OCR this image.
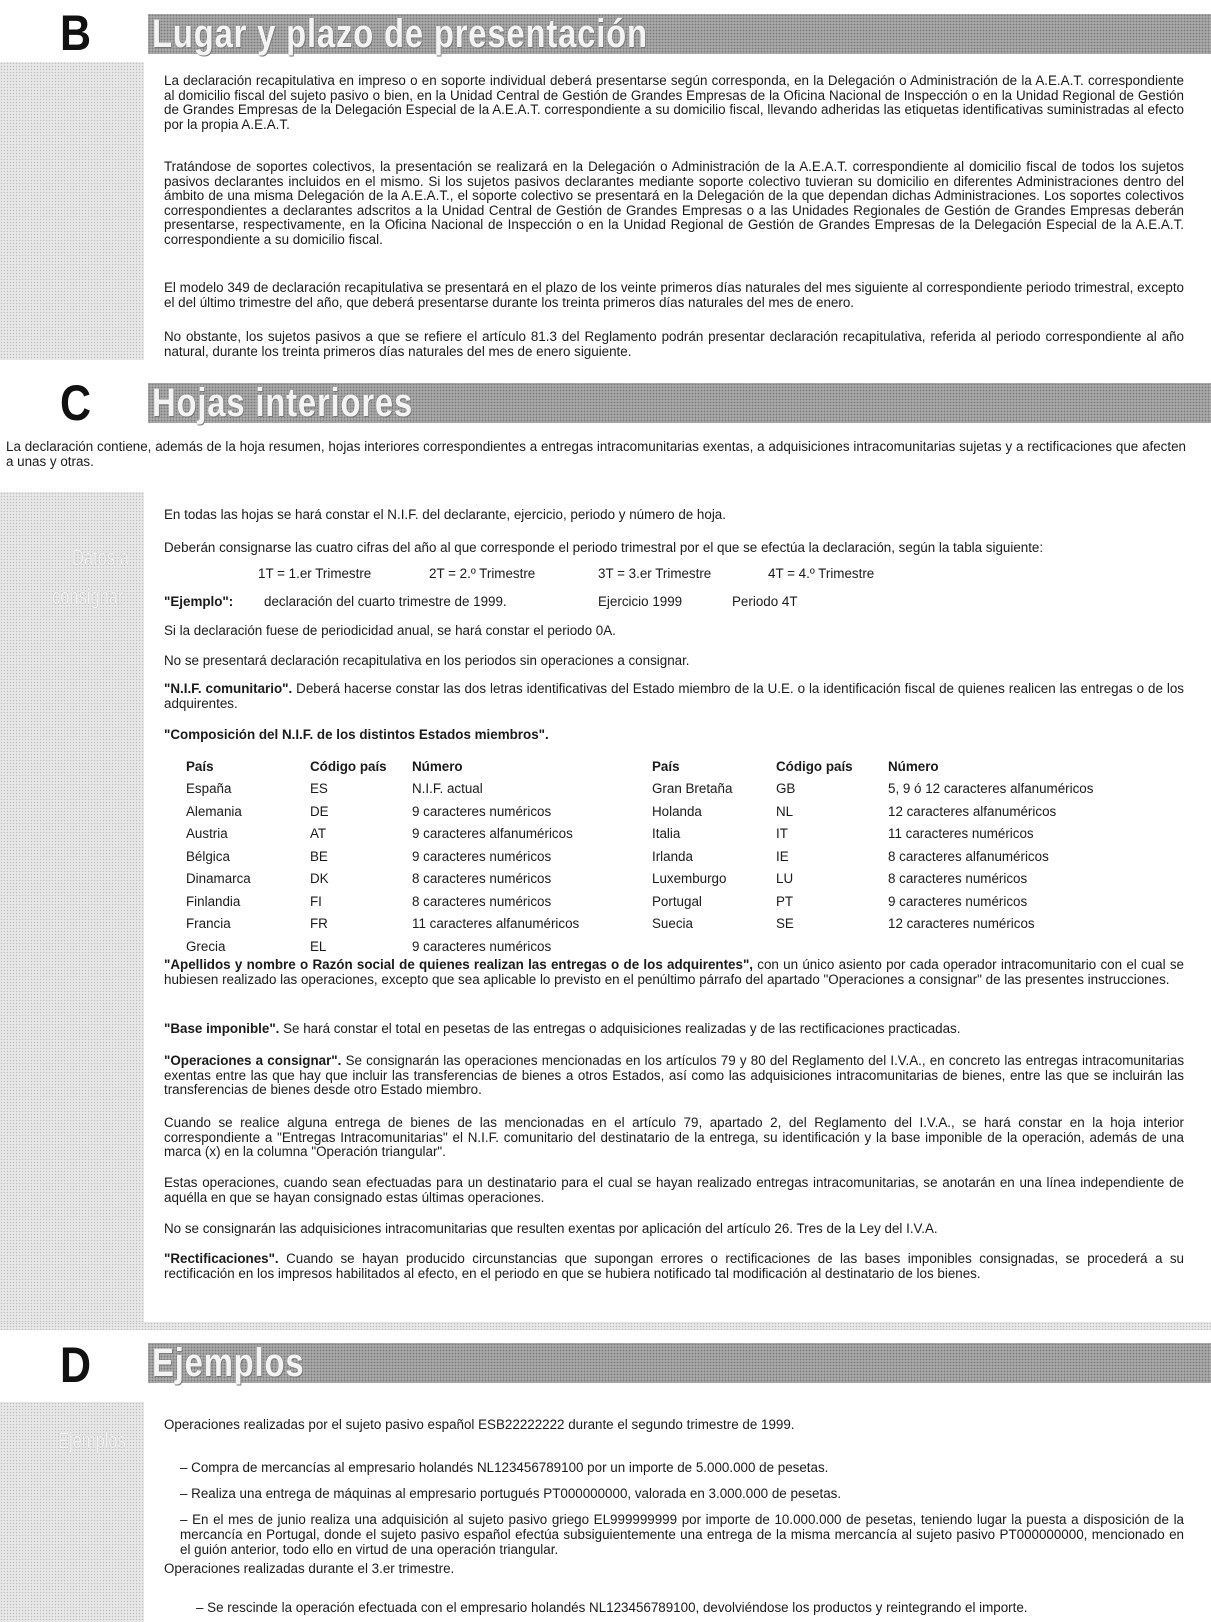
B	Lugar y plazo de presentación

La declaración recapitulativa en impreso o en soporte individual deberá presentarse según corresponda, en la Delegación o Administración de la A.E.A.T. correspondiente al domicilio fiscal del sujeto pasivo o bien, en la Unidad Central de Gestión de Grandes Empresas de la Oficina Nacional de Inspección o en la Unidad Regional de Gestión de Grandes Empresas de la Delegación Especial de la A.E.A.T. correspondiente a su domicilio fiscal, llevando adheridas las etiquetas identificativas suministradas al efecto por la propia A.E.A.T.

Tratándose de soportes colectivos, la presentación se realizará en la Delegación o Administración de la A.E.A.T. correspondiente al domicilio fiscal de todos los sujetos pasivos declarantes incluidos en el mismo. Si los sujetos pasivos declarantes mediante soporte colectivo tuvieran su domicilio en diferentes Administraciones dentro del ámbito de una misma Delegación de la A.E.A.T., el soporte colectivo se presentará en la Delegación de la que dependan dichas Administraciones. Los soportes colectivos correspondientes a declarantes adscritos a la Unidad Central de Gestión de Grandes Empresas o a las Unidades Regionales de Gestión de Grandes Empresas deberán presentarse, respectivamente, en la Oficina Nacional de Inspección o en la Unidad Regional de Gestión de Grandes Empresas de la Delegación Especial de la A.E.A.T. correspondiente a su domicilio fiscal.

El modelo 349 de declaración recapitulativa se presentará en el plazo de los veinte primeros días naturales del mes siguiente al correspondiente periodo trimestral, excepto el del último trimestre del año, que deberá presentarse durante los treinta primeros días naturales del mes de enero.

No obstante, los sujetos pasivos a que se refiere el artículo 81.3 del Reglamento podrán presentar declaración recapitulativa, referida al periodo correspondiente al año natural, durante los treinta primeros días naturales del mes de enero siguiente.

C	Hojas interiores

La declaración contiene, además de la hoja resumen, hojas interiores correspondientes a entregas intracomunitarias exentas, a adquisiciones intracomunitarias sujetas y a rectificaciones que afecten a unas y otras.

Datos a
consignar

En todas las hojas se hará constar el N.I.F. del declarante, ejercicio, periodo y número de hoja.

Deberán consignarse las cuatro cifras del año al que corresponde el periodo trimestral por el que se efectúa la declaración, según la tabla siguiente:

1T = 1.er Trimestre	2T = 2.º Trimestre	3T = 3.er Trimestre	4T = 4.º Trimestre
"Ejemplo": declaración del cuarto trimestre de 1999.	Ejercicio 1999	Periodo 4T

Si la declaración fuese de periodicidad anual, se hará constar el periodo 0A.

No se presentará declaración recapitulativa en los periodos sin operaciones a consignar.

"N.I.F. comunitario". Deberá hacerse constar las dos letras identificativas del Estado miembro de la U.E. o la identificación fiscal de quienes realicen las entregas o de los adquirentes.

"Composición del N.I.F. de los distintos Estados miembros".

País	Código país	Número	País	Código país	Número
España	ES	N.I.F. actual	Gran Bretaña	GB	5, 9 ó 12 caracteres alfanuméricos
Alemania	DE	9 caracteres numéricos	Holanda	NL	12 caracteres alfanuméricos
Austria	AT	9 caracteres alfanuméricos	Italia	IT	11 caracteres numéricos
Bélgica	BE	9 caracteres numéricos	Irlanda	IE	8 caracteres alfanuméricos
Dinamarca	DK	8 caracteres numéricos	Luxemburgo	LU	8 caracteres numéricos
Finlandia	FI	8 caracteres numéricos	Portugal	PT	9 caracteres numéricos
Francia	FR	11 caracteres alfanuméricos	Suecia	SE	12 caracteres numéricos
Grecia	EL	9 caracteres numéricos			

"Apellidos y nombre o Razón social de quienes realizan las entregas o de los adquirentes", con un único asiento por cada operador intracomunitario con el cual se hubiesen realizado las operaciones, excepto que sea aplicable lo previsto en el penúltimo párrafo del apartado "Operaciones a consignar" de las presentes instrucciones.

"Base imponible". Se hará constar el total en pesetas de las entregas o adquisiciones realizadas y de las rectificaciones practicadas.

"Operaciones a consignar". Se consignarán las operaciones mencionadas en los artículos 79 y 80 del Reglamento del I.V.A., en concreto las entregas intracomunitarias exentas entre las que hay que incluir las transferencias de bienes a otros Estados, así como las adquisiciones intracomunitarias de bienes, entre las que se incluirán las transferencias de bienes desde otro Estado miembro.

Cuando se realice alguna entrega de bienes de las mencionadas en el artículo 79, apartado 2, del Reglamento del I.V.A., se hará constar en la hoja interior correspondiente a "Entregas Intracomunitarias" el N.I.F. comunitario del destinatario de la entrega, su identificación y la base imponible de la operación, además de una marca (x) en la columna "Operación triangular".

Estas operaciones, cuando sean efectuadas para un destinatario para el cual se hayan realizado entregas intracomunitarias, se anotarán en una línea independiente de aquélla en que se hayan consignado estas últimas operaciones.

No se consignarán las adquisiciones intracomunitarias que resulten exentas por aplicación del artículo 26. Tres de la Ley del I.V.A.

"Rectificaciones". Cuando se hayan producido circunstancias que supongan errores o rectificaciones de las bases imponibles consignadas, se procederá a su rectificación en los impresos habilitados al efecto, en el periodo en que se hubiera notificado tal modificación al destinatario de los bienes.

D	Ejemplos
Ejemplos

Operaciones realizadas por el sujeto pasivo español ESB22222222 durante el segundo trimestre de 1999.

– Compra de mercancías al empresario holandés NL123456789100 por un importe de 5.000.000 de pesetas.

– Realiza una entrega de máquinas al empresario portugués PT000000000, valorada en 3.000.000 de pesetas.

– En el mes de junio realiza una adquisición al sujeto pasivo griego EL999999999 por importe de 10.000.000 de pesetas, teniendo lugar la puesta a disposición de la mercancía en Portugal, donde el sujeto pasivo español efectúa subsiguientemente una entrega de la misma mercancía al sujeto pasivo PT000000000, mencionado en el guión anterior, todo ello en virtud de una operación triangular.

Operaciones realizadas durante el 3.er trimestre.

– Se rescinde la operación efectuada con el empresario holandés NL123456789100, devolviéndose los productos y reintegrando el importe.
